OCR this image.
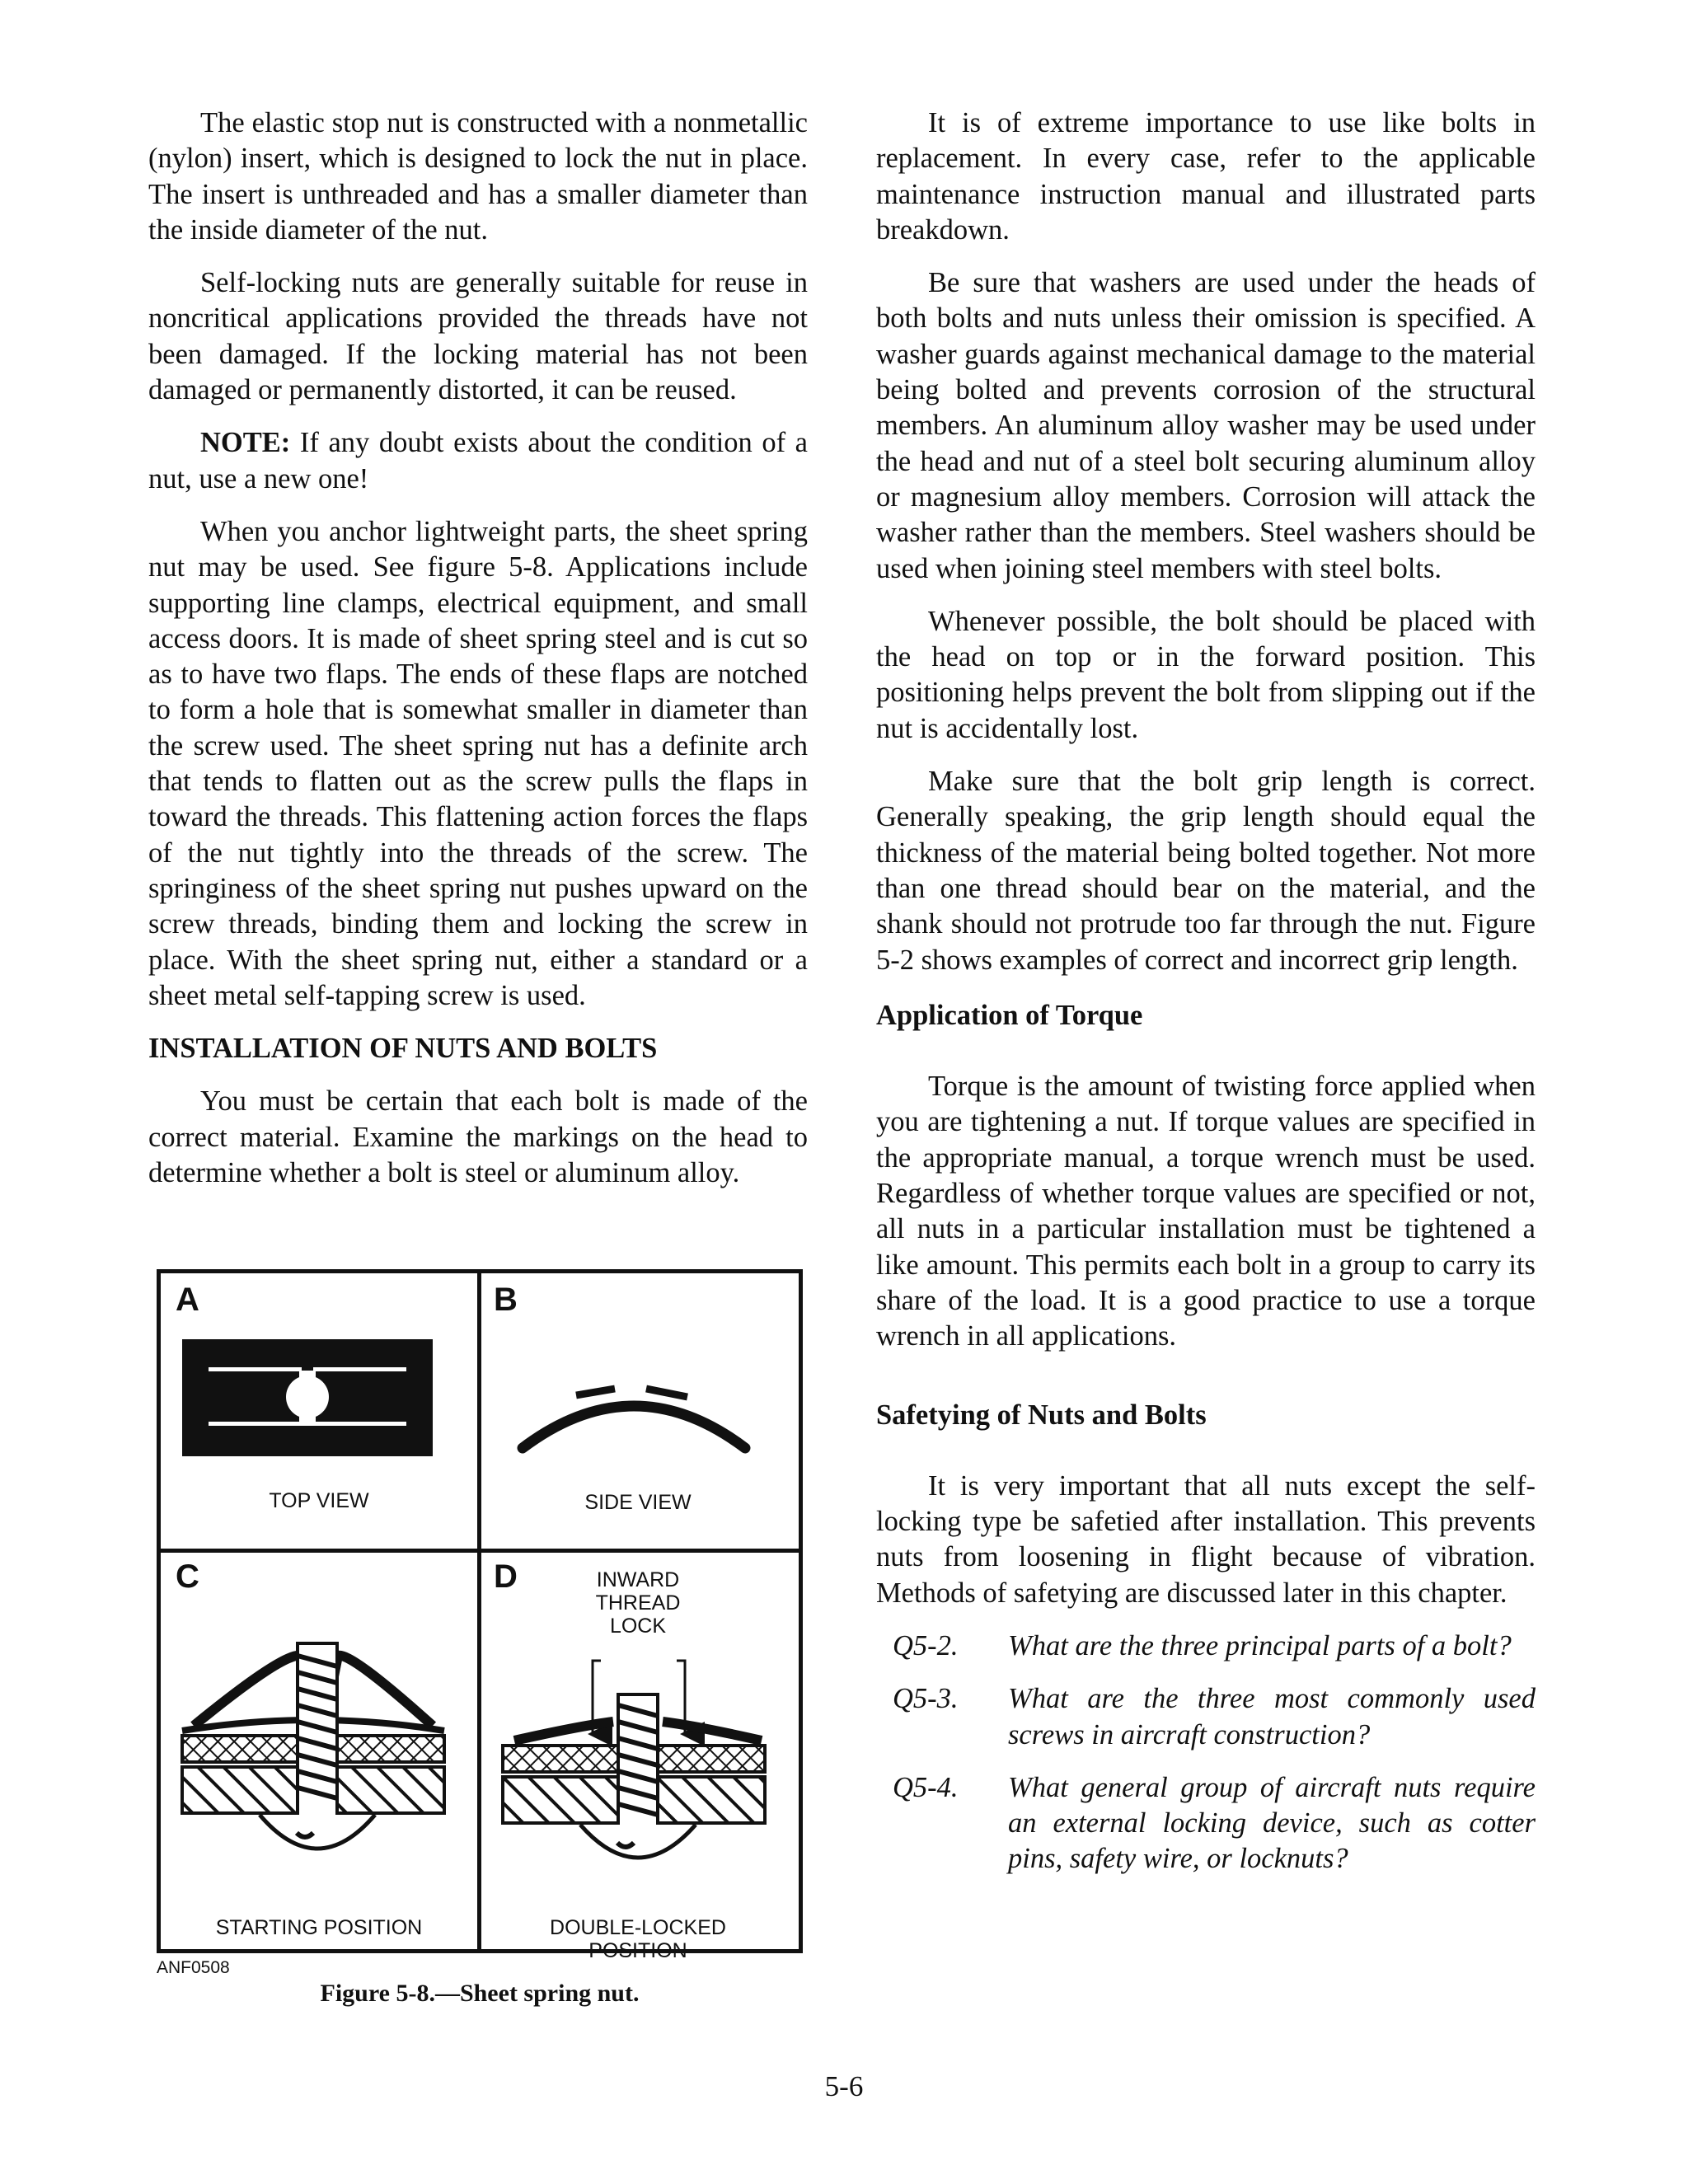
The elastic stop nut is constructed with a nonmetallic (nylon) insert, which is designed to lock the nut in place. The insert is unthreaded and has a smaller diameter than the inside diameter of the nut.

Self-locking nuts are generally suitable for reuse in noncritical applications provided the threads have not been damaged. If the locking material has not been damaged or permanently distorted, it can be reused.

NOTE: If any doubt exists about the condition of a nut, use a new one!

When you anchor lightweight parts, the sheet spring nut may be used. See figure 5-8. Applications include supporting line clamps, electrical equipment, and small access doors. It is made of sheet spring steel and is cut so as to have two flaps. The ends of these flaps are notched to form a hole that is somewhat smaller in diameter than the screw used. The sheet spring nut has a definite arch that tends to flatten out as the screw pulls the flaps in toward the threads. This flattening action forces the flaps of the nut tightly into the threads of the screw. The springiness of the sheet spring nut pushes upward on the screw threads, binding them and locking the screw in place. With the sheet spring nut, either a standard or a sheet metal self-tapping screw is used.

INSTALLATION OF NUTS AND BOLTS

You must be certain that each bolt is made of the correct material. Examine the markings on the head to determine whether a bolt is steel or aluminum alloy.

A
TOP VIEW
B
SIDE VIEW
C
STARTING POSITION
D	INWARD
THREAD
LOCK
DOUBLE-LOCKED
POSITION
ANF0508
Figure 5-8.—Sheet spring nut.

It is of extreme importance to use like bolts in replacement. In every case, refer to the applicable maintenance instruction manual and illustrated parts breakdown.

Be sure that washers are used under the heads of both bolts and nuts unless their omission is specified. A washer guards against mechanical damage to the material being bolted and prevents corrosion of the structural members. An aluminum alloy washer may be used under the head and nut of a steel bolt securing aluminum alloy or magnesium alloy members. Corrosion will attack the washer rather than the members. Steel washers should be used when joining steel members with steel bolts.

Whenever possible, the bolt should be placed with the head on top or in the forward position. This positioning helps prevent the bolt from slipping out if the nut is accidentally lost.

Make sure that the bolt grip length is correct. Generally speaking, the grip length should equal the thickness of the material being bolted together. Not more than one thread should bear on the material, and the shank should not protrude too far through the nut. Figure 5-2 shows examples of correct and incorrect grip length.

Application of Torque

Torque is the amount of twisting force applied when you are tightening a nut. If torque values are specified in the appropriate manual, a torque wrench must be used. Regardless of whether torque values are specified or not, all nuts in a particular installation must be tightened a like amount. This permits each bolt in a group to carry its share of the load. It is a good practice to use a torque wrench in all applications.

Safetying of Nuts and Bolts

It is very important that all nuts except the self-locking type be safetied after installation. This prevents nuts from loosening in flight because of vibration. Methods of safetying are discussed later in this chapter.

Q5-2.	What are the three principal parts of a bolt?
Q5-3.	What are the three most commonly used screws in aircraft construction?
Q5-4.	What general group of aircraft nuts require an external locking device, such as cotter pins, safety wire, or locknuts?
5-6
